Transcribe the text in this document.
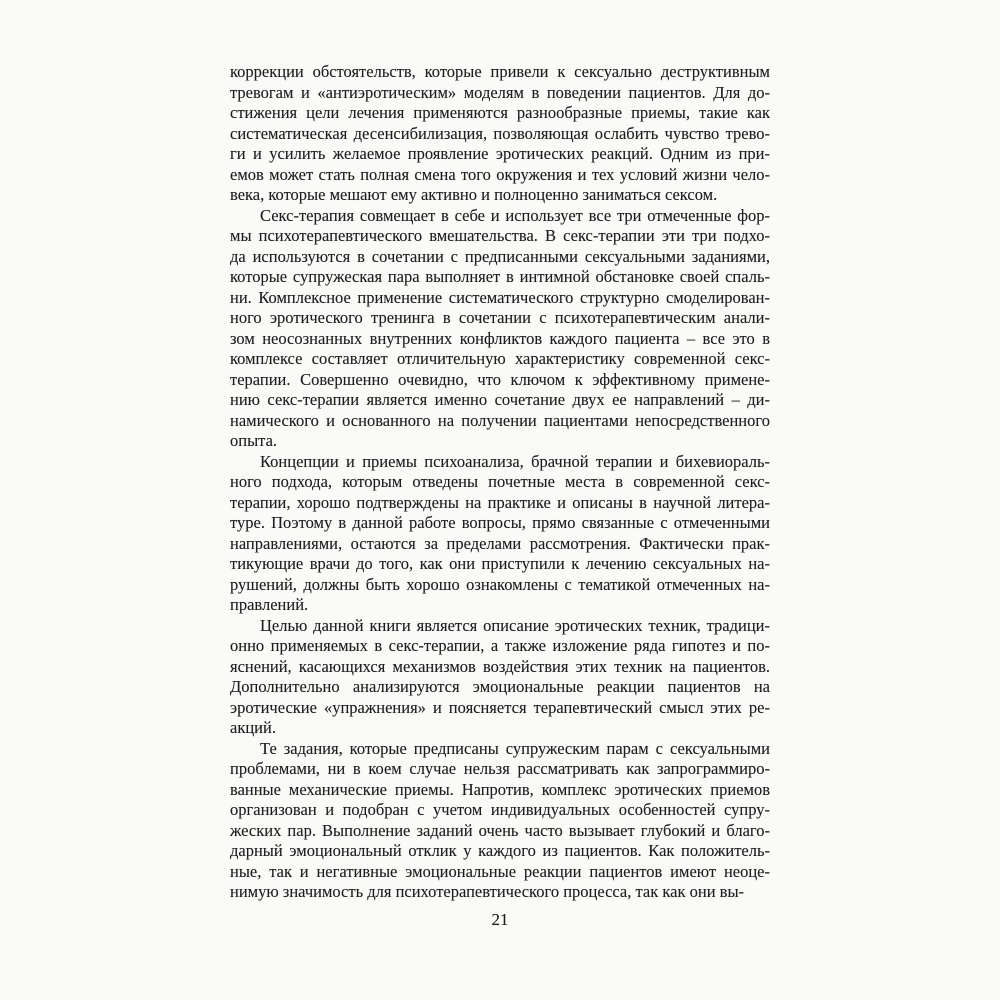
коррекции обстоятельств, которые привели к сексуально деструктивным
тревогам и «антиэротическим» моделям в поведении пациентов. Для до-
стижения цели лечения применяются разнообразные приемы, такие как
систематическая десенсибилизация, позволяющая ослабить чувство трево-
ги и усилить желаемое проявление эротических реакций. Одним из при-
емов может стать полная смена того окружения и тех условий жизни чело-
века, которые мешают ему активно и полноценно заниматься сексом.
Секс-терапия совмещает в себе и использует все три отмеченные фор-
мы психотерапевтического вмешательства. В секс-терапии эти три подхо-
да используются в сочетании с предписанными сексуальными заданиями,
которые супружеская пара выполняет в интимной обстановке своей спаль-
ни. Комплексное применение систематического структурно смоделирован-
ного эротического тренинга в сочетании с психотерапевтическим анали-
зом неосознанных внутренних конфликтов каждого пациента – все это в
комплексе составляет отличительную характеристику современной секс-
терапии. Совершенно очевидно, что ключом к эффективному примене-
нию секс-терапии является именно сочетание двух ее направлений – ди-
намического и основанного на получении пациентами непосредственного
опыта.
Концепции и приемы психоанализа, брачной терапии и бихевиораль-
ного подхода, которым отведены почетные места в современной секс-
терапии, хорошо подтверждены на практике и описаны в научной литера-
туре. Поэтому в данной работе вопросы, прямо связанные с отмеченными
направлениями, остаются за пределами рассмотрения. Фактически прак-
тикующие врачи до того, как они приступили к лечению сексуальных на-
рушений, должны быть хорошо ознакомлены с тематикой отмеченных на-
правлений.
Целью данной книги является описание эротических техник, традици-
онно применяемых в секс-терапии, а также изложение ряда гипотез и по-
яснений, касающихся механизмов воздействия этих техник на пациентов.
Дополнительно анализируются эмоциональные реакции пациентов на
эротические «упражнения» и поясняется терапевтический смысл этих ре-
акций.
Те задания, которые предписаны супружеским парам с сексуальными
проблемами, ни в коем случае нельзя рассматривать как запрограммиро-
ванные механические приемы. Напротив, комплекс эротических приемов
организован и подобран с учетом индивидуальных особенностей супру-
жеских пар. Выполнение заданий очень часто вызывает глубокий и благо-
дарный эмоциональный отклик у каждого из пациентов. Как положитель-
ные, так и негативные эмоциональные реакции пациентов имеют неоце-
нимую значимость для психотерапевтического процесса, так как они вы-
21
